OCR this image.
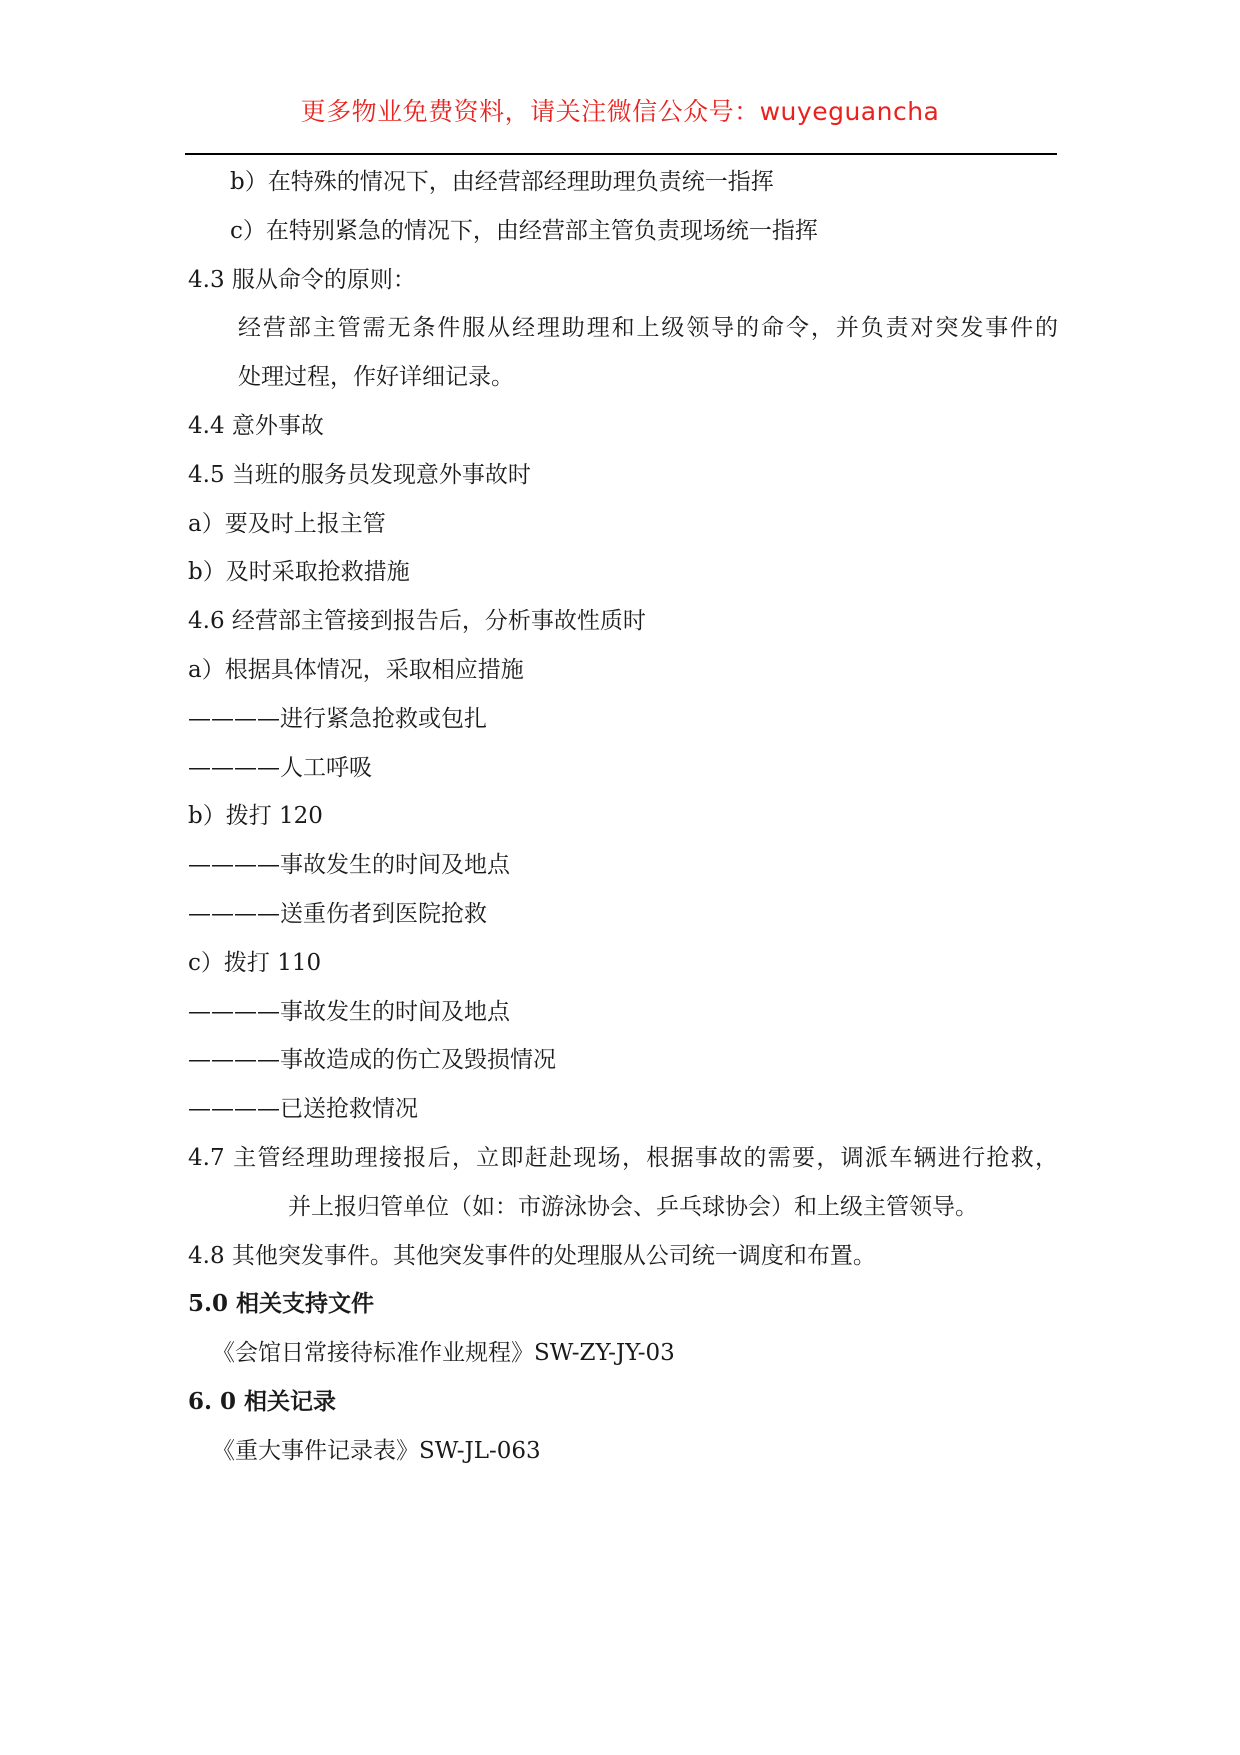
更多物业免费资料，请关注微信公众号：wuyeguancha
b）在特殊的情况下，由经营部经理助理负责统一指挥
c）在特别紧急的情况下，由经营部主管负责现场统一指挥
4.3 服从命令的原则：
经营部主管需无条件服从经理助理和上级领导的命令，并负责对突发事件的
处理过程，作好详细记录。
4.4 意外事故
4.5 当班的服务员发现意外事故时
a）要及时上报主管
b）及时采取抢救措施
4.6 经营部主管接到报告后，分析事故性质时
a）根据具体情况，采取相应措施
————进行紧急抢救或包扎
————人工呼吸
b）拨打 120
————事故发生的时间及地点
————送重伤者到医院抢救
c）拨打 110
————事故发生的时间及地点
————事故造成的伤亡及毁损情况
————已送抢救情况
4.7 主管经理助理接报后，立即赶赴现场，根据事故的需要，调派车辆进行抢救，
并上报归管单位（如：市游泳协会、乒乓球协会）和上级主管领导。
4.8 其他突发事件。其他突发事件的处理服从公司统一调度和布置。
5.0 相关支持文件
《会馆日常接待标准作业规程》SW-ZY-JY-03
6. 0 相关记录
《重大事件记录表》SW-JL-063
